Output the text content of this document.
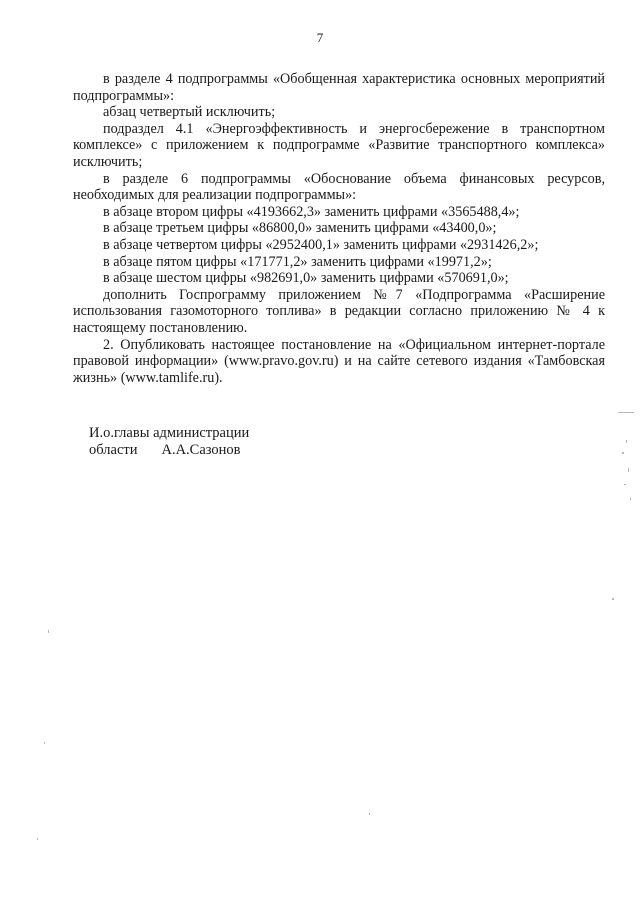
7

в разделе 4 подпрограммы «Обобщенная характеристика основных мероприятий подпрограммы»:

абзац четвертый исключить;

подраздел 4.1 «Энергоэффективность и энергосбережение в транспортном комплексе» с приложением к подпрограмме «Развитие транспортного комплекса» исключить;

в разделе 6 подпрограммы «Обоснование объема финансовых ресурсов, необходимых для реализации подпрограммы»:

в абзаце втором цифры «4193662,3» заменить цифрами «3565488,4»;

в абзаце третьем цифры «86800,0» заменить цифрами «43400,0»;

в абзаце четвертом цифры «2952400,1» заменить цифрами «2931426,2»;

в абзаце пятом цифры «171771,2» заменить цифрами «19971,2»;

в абзаце шестом цифры «982691,0» заменить цифрами «570691,0»;

дополнить Госпрограмму приложением №7 «Подпрограмма «Расширение использования газомоторного топлива» в редакции согласно приложению № 4 к настоящему постановлению.

2. Опубликовать настоящее постановление на «Официальном интернет-портале правовой информации» (www.pravo.gov.ru) и на сайте сетевого издания «Тамбовская жизнь» (www.tamlife.ru).

И.о.главы администрации
области А.А.Сазонов
